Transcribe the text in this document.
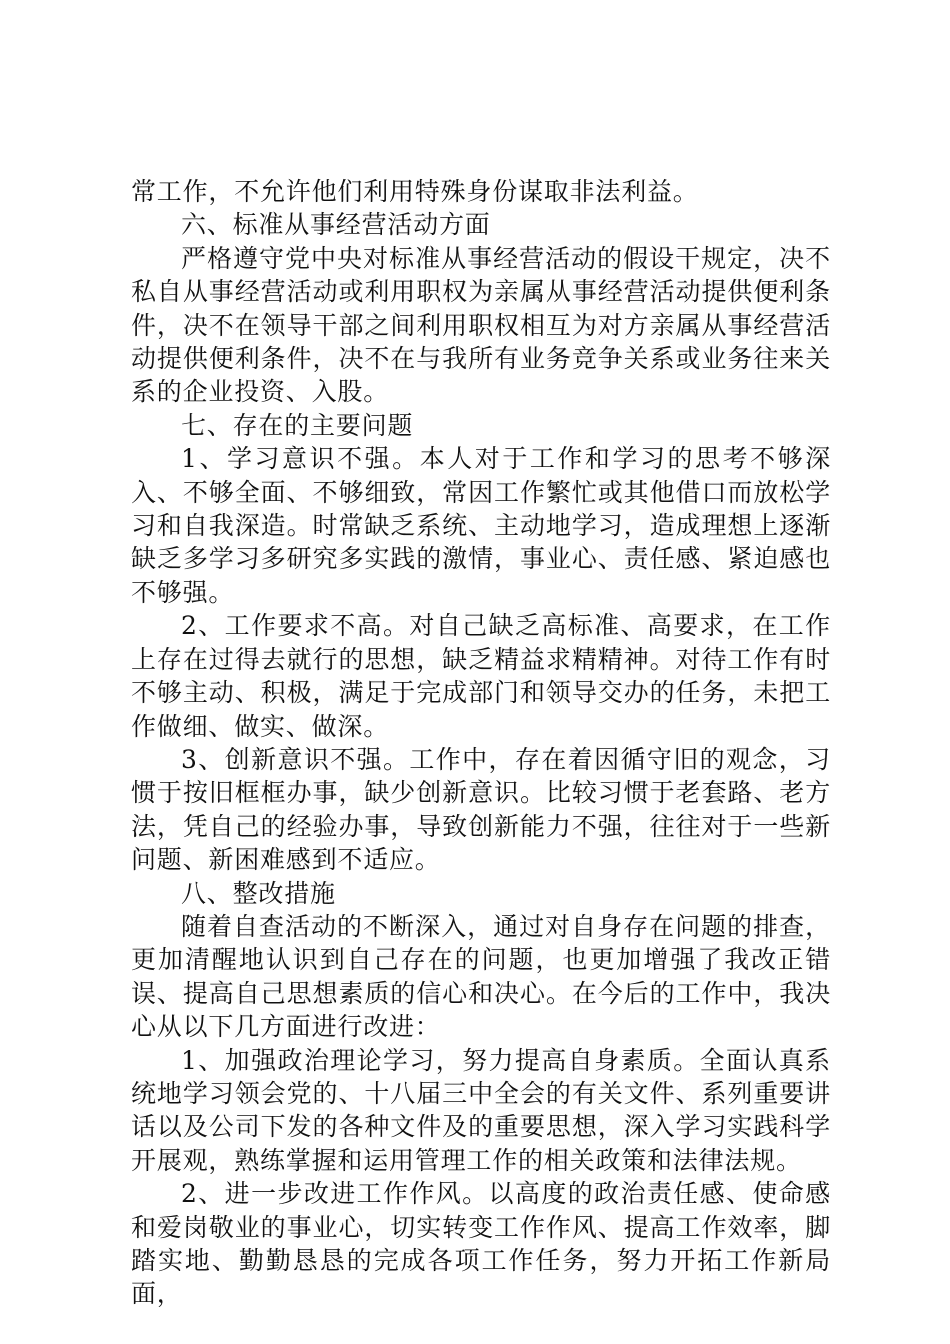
常工作，不允许他们利用特殊身份谋取非法利益。

六、标准从事经营活动方面

严格遵守党中央对标准从事经营活动的假设干规定，决不私自从事经营活动或利用职权为亲属从事经营活动提供便利条件，决不在领导干部之间利用职权相互为对方亲属从事经营活动提供便利条件，决不在与我所有业务竞争关系或业务往来关系的企业投资、入股。

七、存在的主要问题

1、学习意识不强。本人对于工作和学习的思考不够深入、不够全面、不够细致，常因工作繁忙或其他借口而放松学习和自我深造。时常缺乏系统、主动地学习，造成理想上逐渐缺乏多学习多研究多实践的激情，事业心、责任感、紧迫感也不够强。

2、工作要求不高。对自己缺乏高标准、高要求，在工作上存在过得去就行的思想，缺乏精益求精精神。对待工作有时不够主动、积极，满足于完成部门和领导交办的任务，未把工作做细、做实、做深。

3、创新意识不强。工作中，存在着因循守旧的观念，习惯于按旧框框办事，缺少创新意识。比较习惯于老套路、老方法，凭自己的经验办事，导致创新能力不强，往往对于一些新问题、新困难感到不适应。

八、整改措施

随着自查活动的不断深入，通过对自身存在问题的排查，更加清醒地认识到自己存在的问题，也更加增强了我改正错误、提高自己思想素质的信心和决心。在今后的工作中，我决心从以下几方面进行改进：

1、加强政治理论学习，努力提高自身素质。全面认真系统地学习领会党的、十八届三中全会的有关文件、系列重要讲话以及公司下发的各种文件及的重要思想，深入学习实践科学开展观，熟练掌握和运用管理工作的相关政策和法律法规。

2、进一步改进工作作风。以高度的政治责任感、使命感和爱岗敬业的事业心，切实转变工作作风、提高工作效率，脚踏实地、勤勤恳恳的完成各项工作任务，努力开拓工作新局面，
